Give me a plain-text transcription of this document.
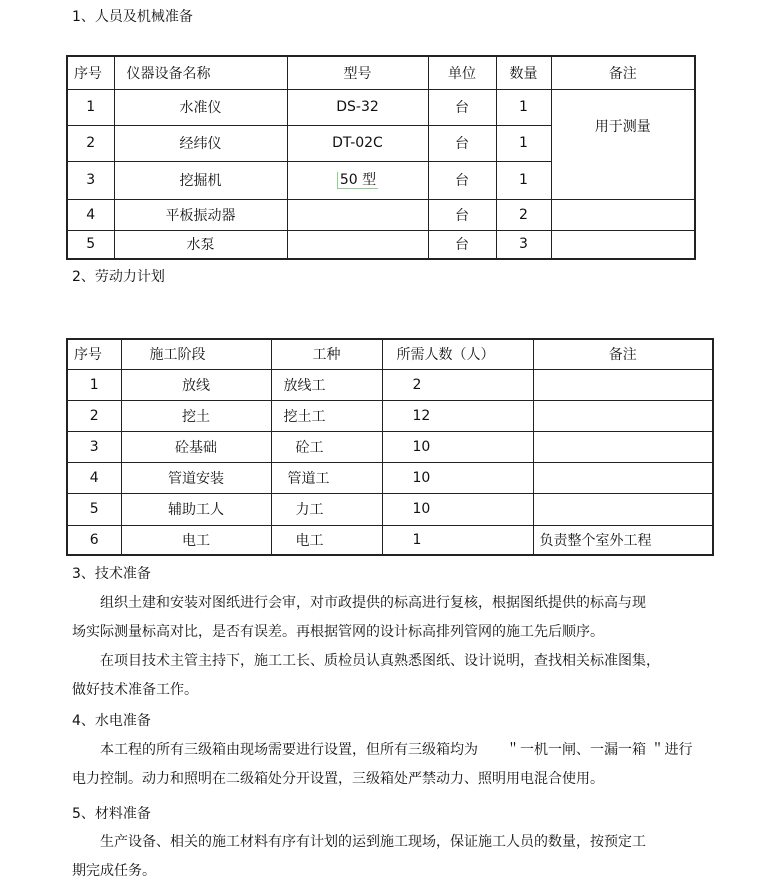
1、人员及机械准备
序号	仪器设备名称	型号	单位	数量	备注
1	水准仪	DS-32	台	1	用于测量
2	经纬仪	DT-02C	台	1	
3	挖掘机	50 型	台	1	
4	平板振动器		台	2	
5	水泵		台	3	
2、劳动力计划
序号	施工阶段	工种	所需人数（人）	备注
1	放线	放线工	2	
2	挖土	挖土工	12	
3	砼基础	砼工	10	
4	管道安装	管道工	10	
5	辅助工人	力工	10	
6	电工	电工	1	负责整个室外工程
3、技术准备

组织土建和安装对图纸进行会审，对市政提供的标高进行复核，根据图纸提供的标高与现

场实际测量标高对比，是否有误差。再根据管网的设计标高排列管网的施工先后顺序。

在项目技术主管主持下，施工工长、质检员认真熟悉图纸、设计说明，查找相关标准图集，

做好技术准备工作。

4、水电准备

本工程的所有三级箱由现场需要进行设置，但所有三级箱均为　　＂一机一闸、一漏一箱 ＂进行

电力控制。动力和照明在二级箱处分开设置，三级箱处严禁动力、照明用电混合使用。

5、材料准备

生产设备、相关的施工材料有序有计划的运到施工现场，保证施工人员的数量，按预定工

期完成任务。
